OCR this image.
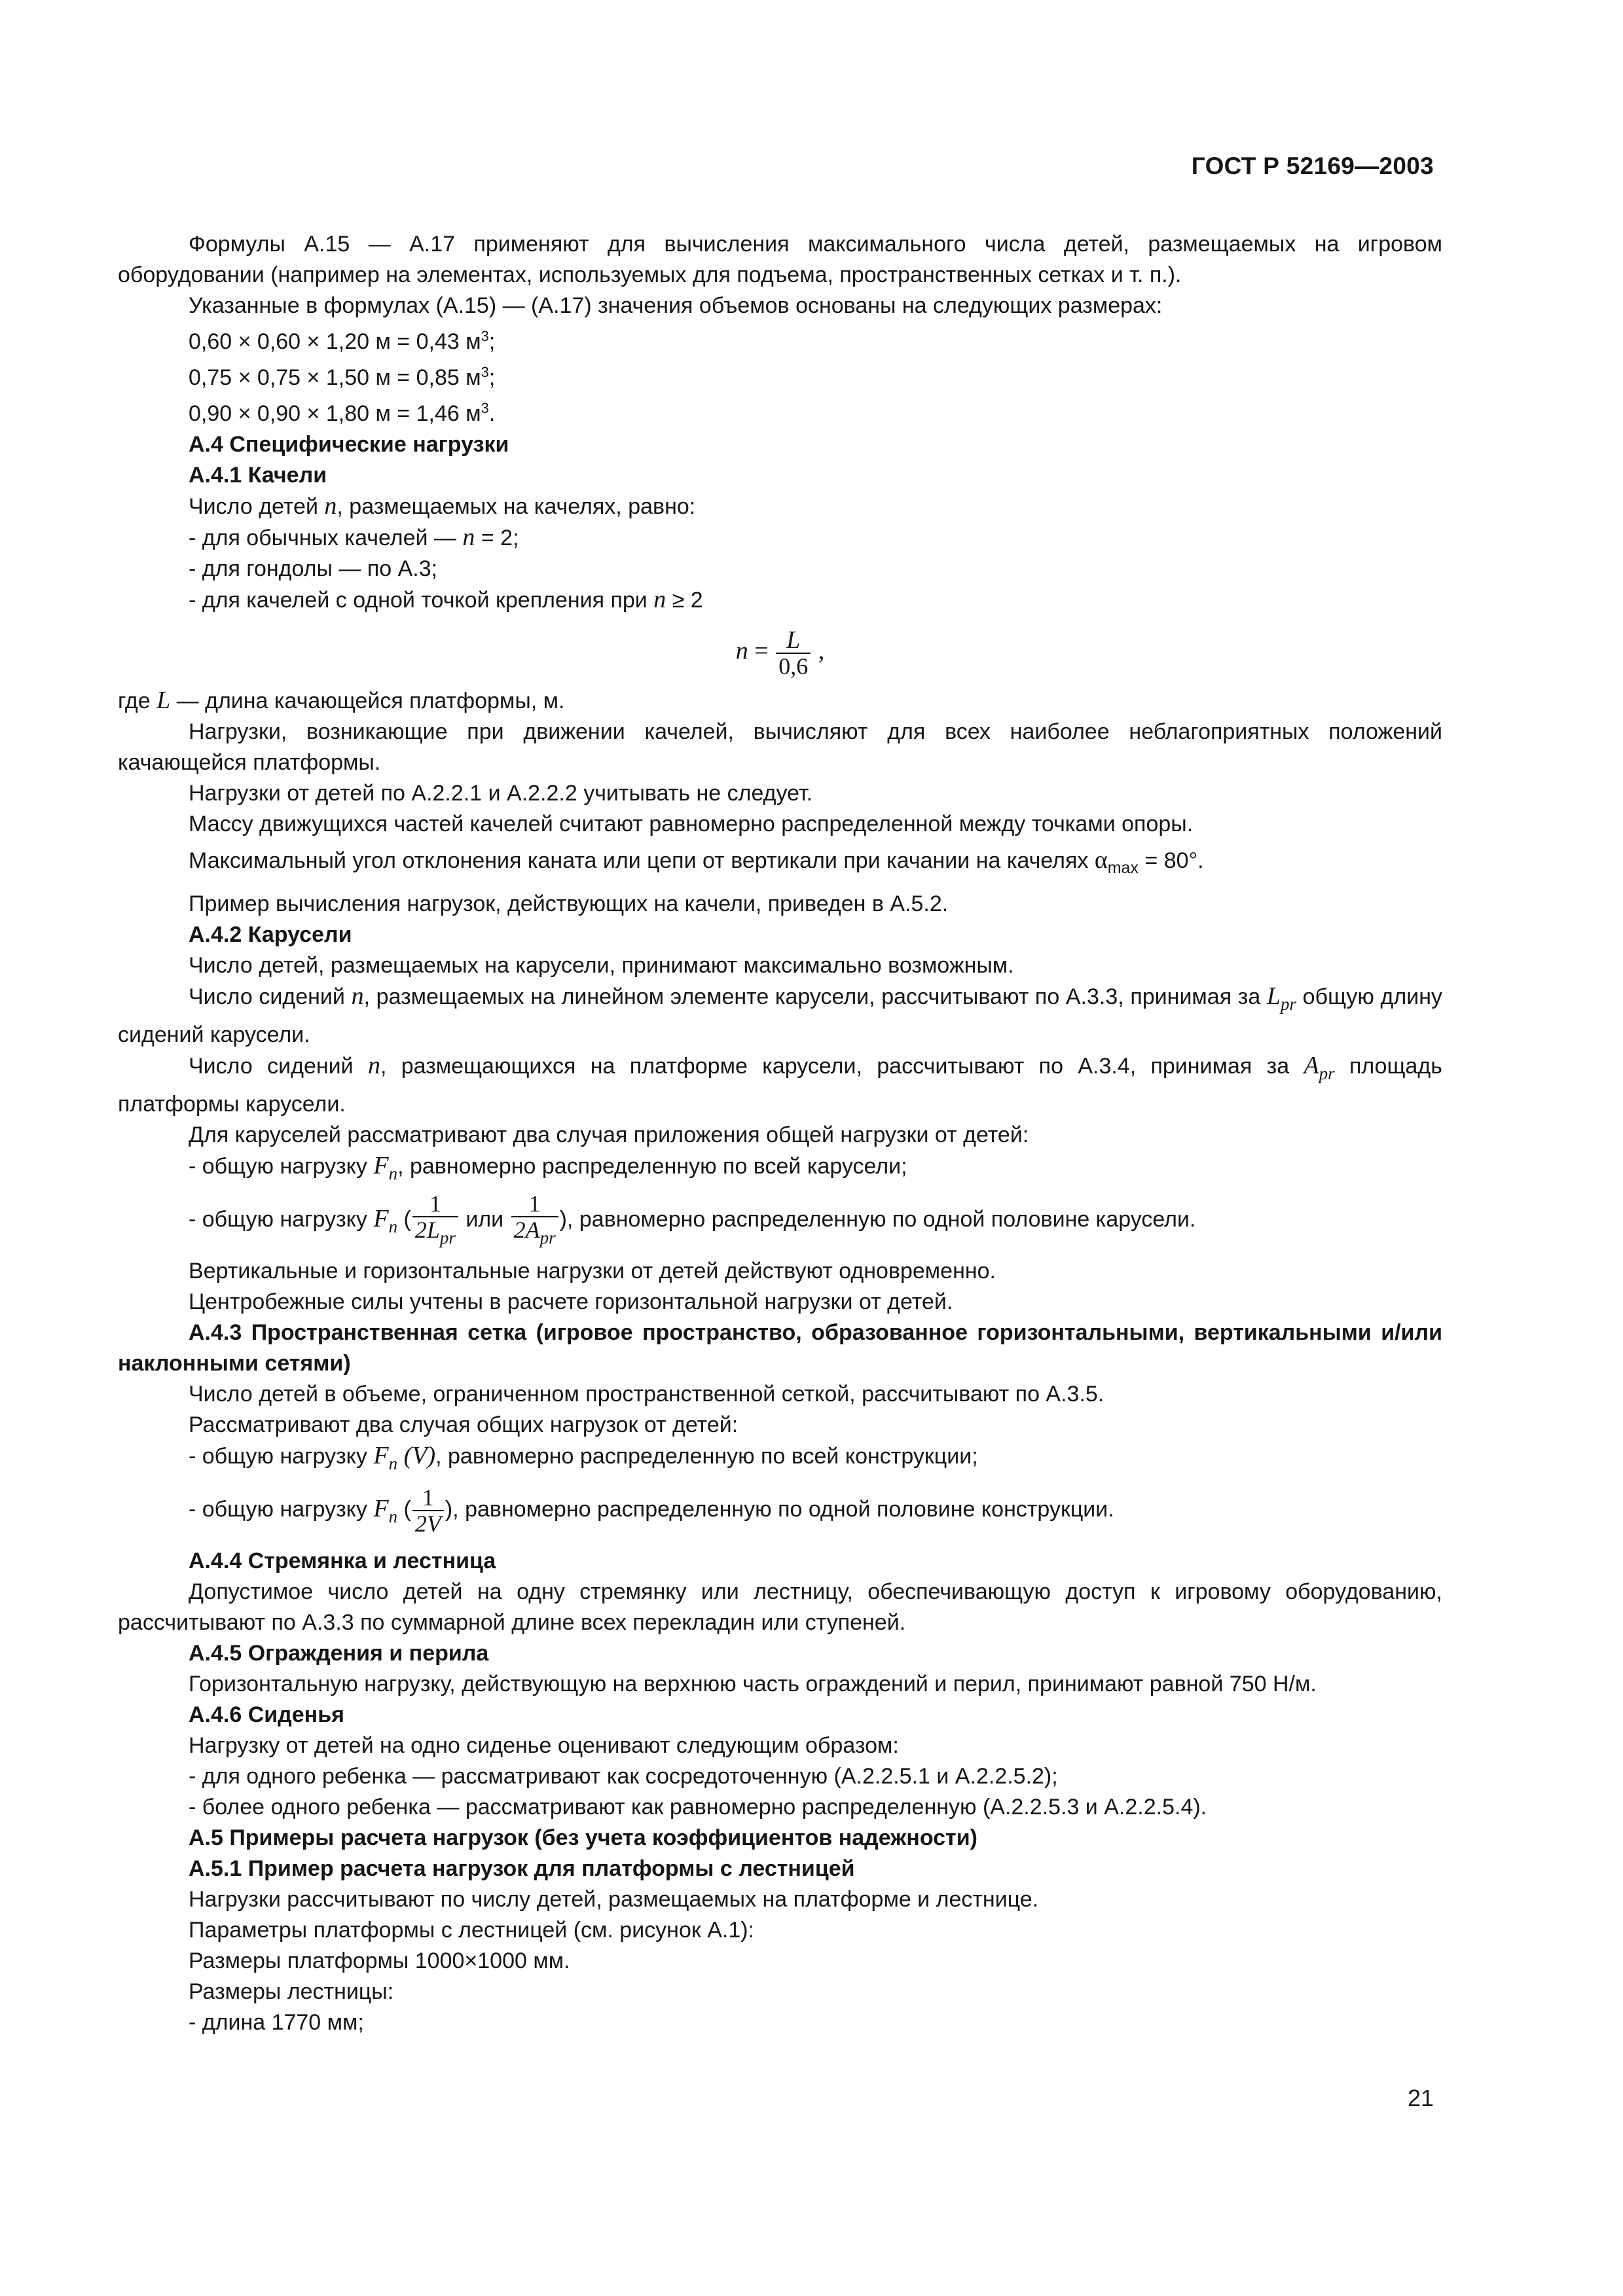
ГОСТ Р 52169—2003

Формулы А.15 — А.17 применяют для вычисления максимального числа детей, размещаемых на игровом оборудовании (например на элементах, используемых для подъема, пространственных сетках и т. п.).

Указанные в формулах (А.15) — (А.17) значения объемов основаны на следующих размерах:

0,60 × 0,60 × 1,20 м = 0,43 $м^3$;

0,75 × 0,75 × 1,50 м = 0,85 $м^3$;

0,90 × 0,90 × 1,80 м = 1,46 $м^3$.

А.4 Специфические нагрузки

А.4.1 Качели

Число детей n, размещаемых на качелях, равно:

- для обычных качелей — n = 2;

- для гондолы — по А.3;

- для качелей с одной точкой крепления при n ≥ 2

$n = \frac{L}{0,6}$ ,

где L — длина качающейся платформы, м.

Нагрузки, возникающие при движении качелей, вычисляют для всех наиболее неблагоприятных положений качающейся платформы.

Нагрузки от детей по А.2.2.1 и А.2.2.2 учитывать не следует.

Массу движущихся частей качелей считают равномерно распределенной между точками опоры.

Максимальный угол отклонения каната или цепи от вертикали при качании на качелях $\alpha_{max} = 80^\circ$.

Пример вычисления нагрузок, действующих на качели, приведен в А.5.2.

А.4.2 Карусели

Число детей, размещаемых на карусели, принимают максимально возможным.

Число сидений n, размещаемых на линейном элементе карусели, рассчитывают по А.3.3, принимая за $L_{pr}$ общую длину сидений карусели.

Число сидений n, размещающихся на платформе карусели, рассчитывают по А.3.4, принимая за $A_{pr}$ площадь платформы карусели.

Для каруселей рассматривают два случая приложения общей нагрузки от детей:

- общую нагрузку $F_n$, равномерно распределенную по всей карусели;

- общую нагрузку $F_n$ ( $\frac{1}{2L_{pr}}$ или $\frac{1}{2A_{pr}}$ ), равномерно распределенную по одной половине карусели.

Вертикальные и горизонтальные нагрузки от детей действуют одновременно.

Центробежные силы учтены в расчете горизонтальной нагрузки от детей.

А.4.3 Пространственная сетка (игровое пространство, образованное горизонтальными, вертикальными и/или наклонными сетями)

Число детей в объеме, ограниченном пространственной сеткой, рассчитывают по А.3.5.

Рассматривают два случая общих нагрузок от детей:

- общую нагрузку $F_n$ (V), равномерно распределенную по всей конструкции;

- общую нагрузку $F_n$ ( $\frac{1}{2V}$ ), равномерно распределенную по одной половине конструкции.

А.4.4 Стремянка и лестница

Допустимое число детей на одну стремянку или лестницу, обеспечивающую доступ к игровому оборудованию, рассчитывают по А.3.3 по суммарной длине всех перекладин или ступеней.

А.4.5 Ограждения и перила

Горизонтальную нагрузку, действующую на верхнюю часть ограждений и перил, принимают равной 750 Н/м.

А.4.6 Сиденья

Нагрузку от детей на одно сиденье оценивают следующим образом:

- для одного ребенка — рассматривают как сосредоточенную (А.2.2.5.1 и А.2.2.5.2);

- более одного ребенка — рассматривают как равномерно распределенную (А.2.2.5.3 и А.2.2.5.4).

А.5 Примеры расчета нагрузок (без учета коэффициентов надежности)

А.5.1 Пример расчета нагрузок для платформы с лестницей

Нагрузки рассчитывают по числу детей, размещаемых на платформе и лестнице.

Параметры платформы с лестницей (см. рисунок А.1):

Размеры платформы 1000×1000 мм.

Размеры лестницы:

- длина 1770 мм;

21
